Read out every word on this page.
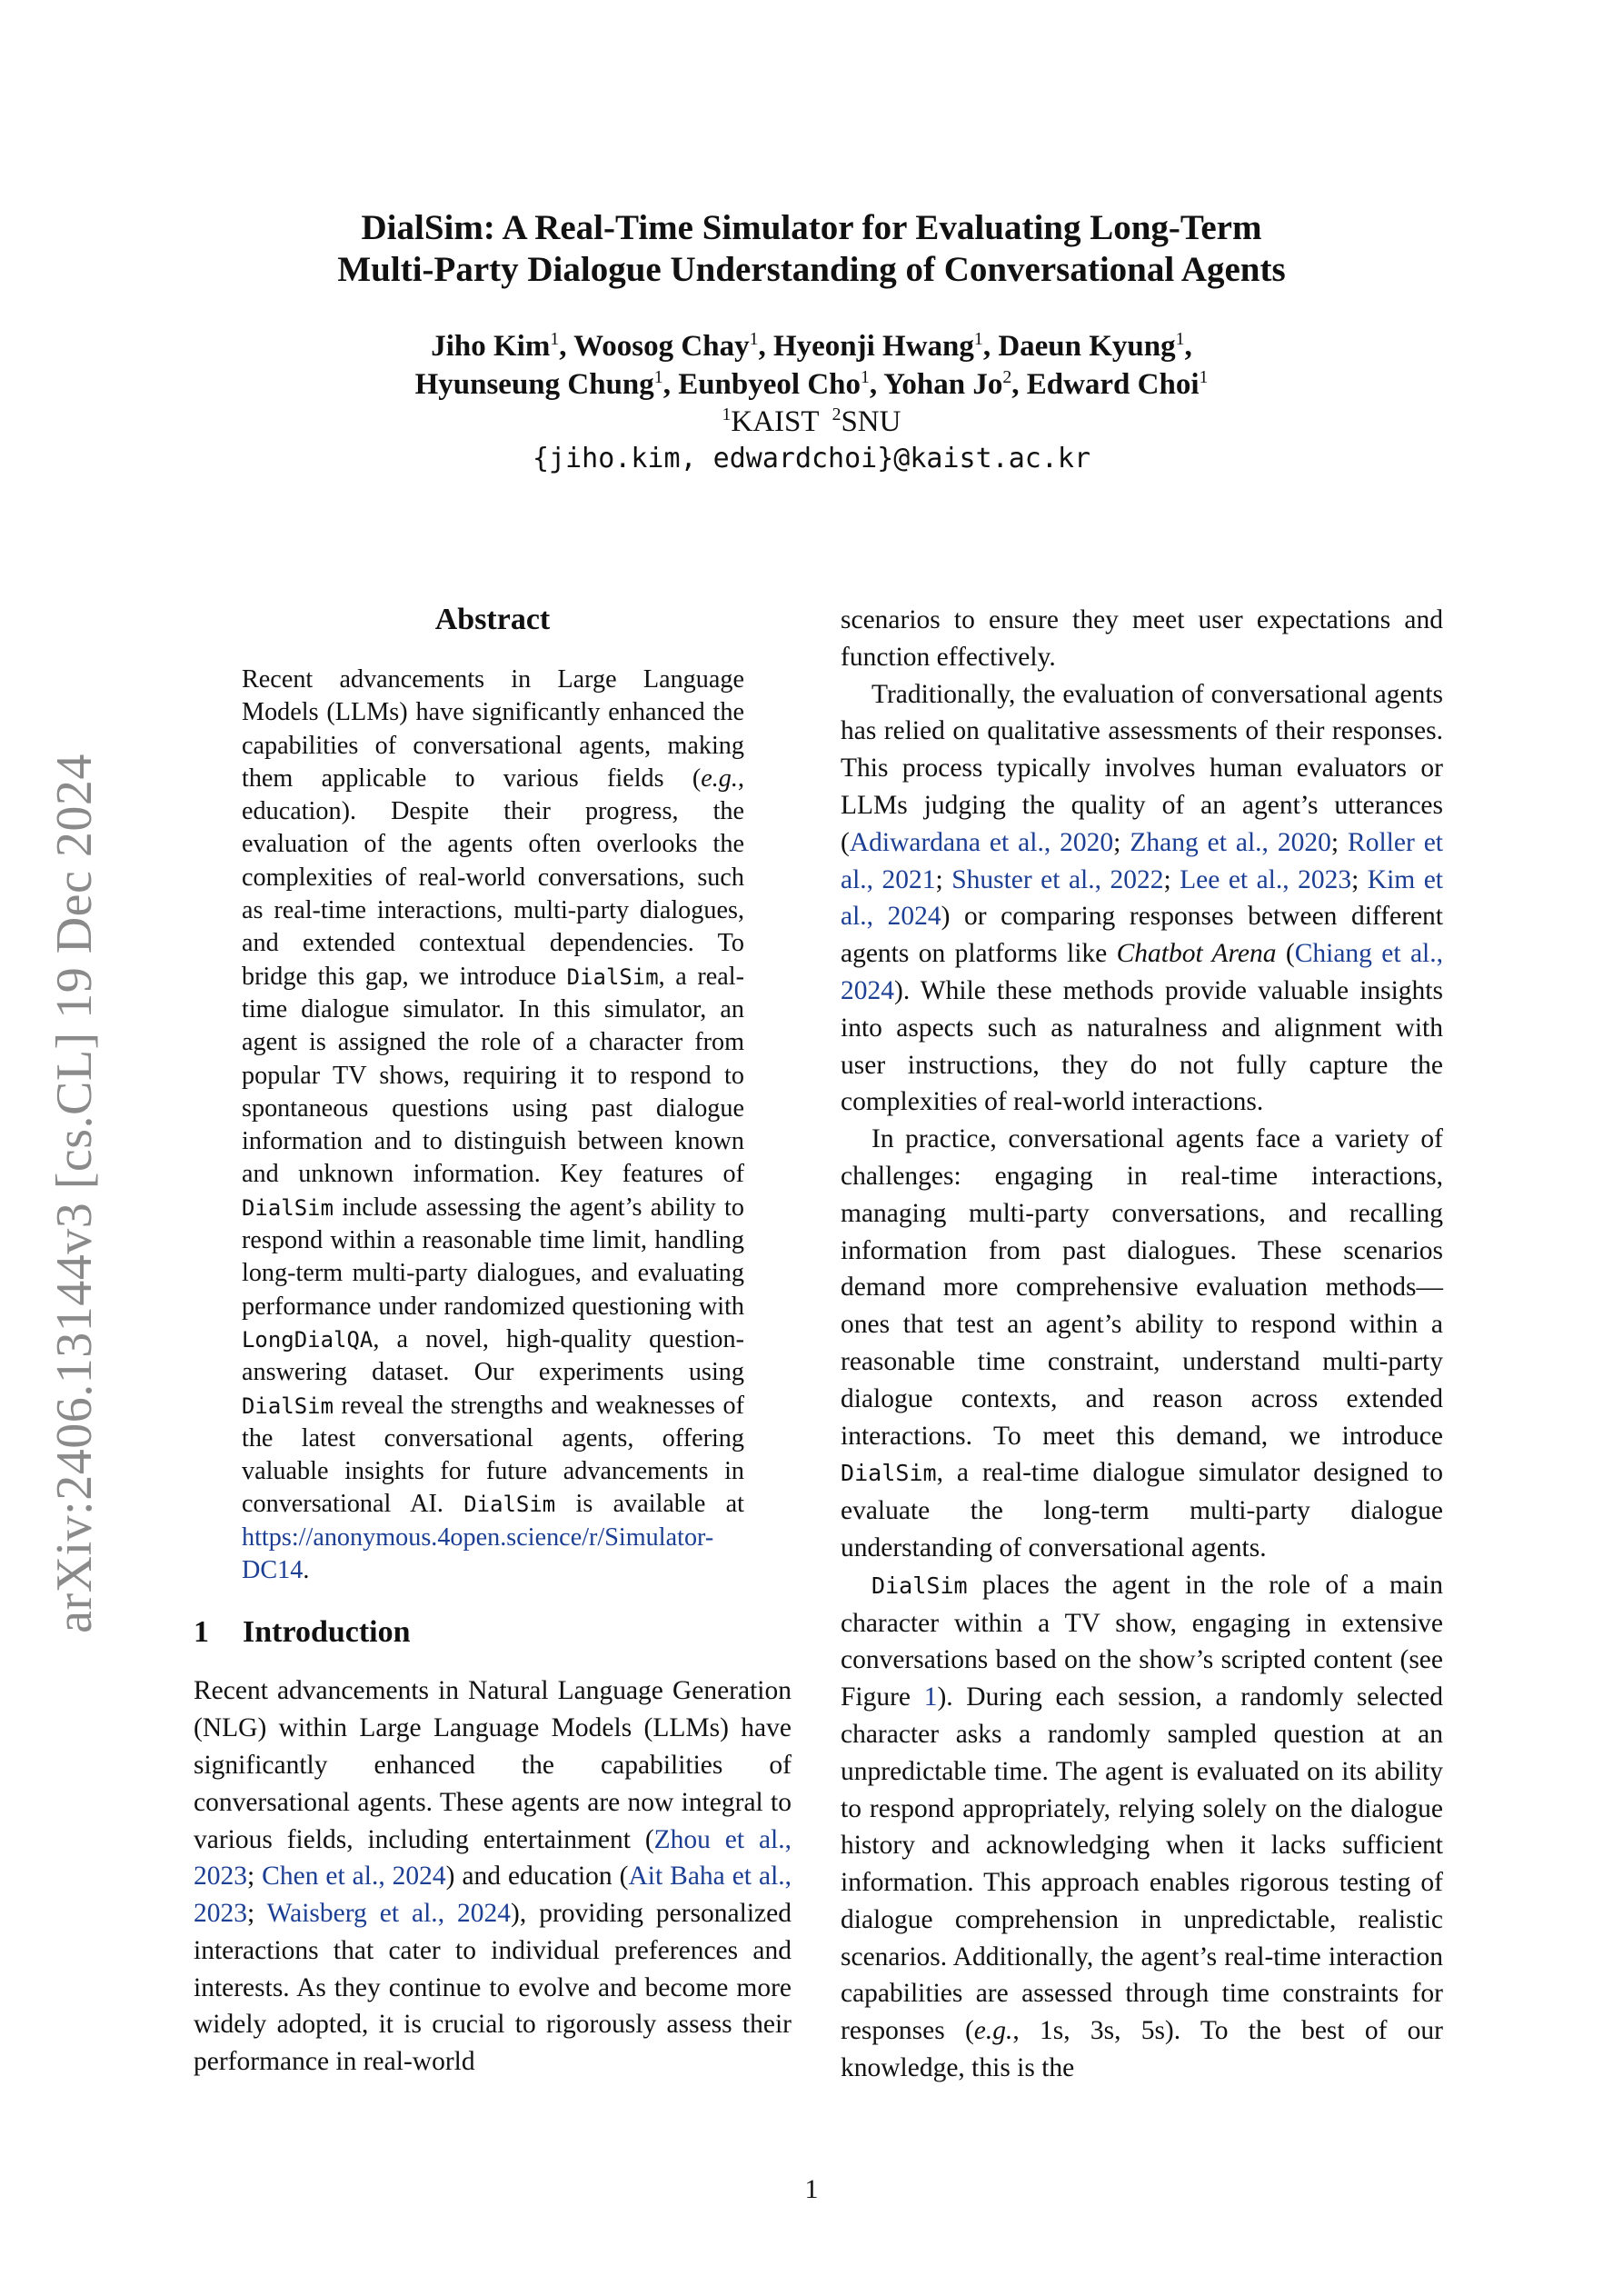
arXiv:2406.13144v3 [cs.CL] 19 Dec 2024
DialSim: A Real-Time Simulator for Evaluating Long-Term
Multi-Party Dialogue Understanding of Conversational Agents
Jiho Kim$^1$, Woosog Chay$^1$, Hyeonji Hwang$^1$, Daeun Kyung$^1$,
Hyunseung Chung$^1$, Eunbyeol Cho$^1$, Yohan Jo$^2$, Edward Choi$^1$
$^1$KAIST $^2$SNU
{jiho.kim, edwardchoi}@kaist.ac.kr
Abstract

Recent advancements in Large Language Models (LLMs) have significantly enhanced the capabilities of conversational agents, making them applicable to various fields (e.g., education). Despite their progress, the evaluation of the agents often overlooks the complexities of real-world conversations, such as real-time interactions, multi-party dialogues, and extended contextual dependencies. To bridge this gap, we introduce DialSim, a real-time dialogue simulator. In this simulator, an agent is assigned the role of a character from popular TV shows, requiring it to respond to spontaneous questions using past dialogue information and to distinguish between known and unknown information. Key features of DialSim include assessing the agent’s ability to respond within a reasonable time limit, handling long-term multi-party dialogues, and evaluating performance under randomized questioning with LongDialQA, a novel, high-quality question-answering dataset. Our experiments using DialSim reveal the strengths and weaknesses of the latest conversational agents, offering valuable insights for future advancements in conversational AI. DialSim is available at https://anonymous.4open.science/r/Simulator-DC14.

1 Introduction

Recent advancements in Natural Language Generation (NLG) within Large Language Models (LLMs) have significantly enhanced the capabilities of conversational agents. These agents are now integral to various fields, including entertainment (Zhou et al., 2023; Chen et al., 2024) and education (Ait Baha et al., 2023; Waisberg et al., 2024), providing personalized interactions that cater to individual preferences and interests. As they continue to evolve and become more widely adopted, it is crucial to rigorously assess their performance in real-world

scenarios to ensure they meet user expectations and function effectively.

Traditionally, the evaluation of conversational agents has relied on qualitative assessments of their responses. This process typically involves human evaluators or LLMs judging the quality of an agent’s utterances (Adiwardana et al., 2020; Zhang et al., 2020; Roller et al., 2021; Shuster et al., 2022; Lee et al., 2023; Kim et al., 2024) or comparing responses between different agents on platforms like Chatbot Arena (Chiang et al., 2024). While these methods provide valuable insights into aspects such as naturalness and alignment with user instructions, they do not fully capture the complexities of real-world interactions.

In practice, conversational agents face a variety of challenges: engaging in real-time interactions, managing multi-party conversations, and recalling information from past dialogues. These scenarios demand more comprehensive evaluation methods—ones that test an agent’s ability to respond within a reasonable time constraint, understand multi-party dialogue contexts, and reason across extended interactions. To meet this demand, we introduce DialSim, a real-time dialogue simulator designed to evaluate the long-term multi-party dialogue understanding of conversational agents.

DialSim places the agent in the role of a main character within a TV show, engaging in extensive conversations based on the show’s scripted content (see Figure 1). During each session, a randomly selected character asks a randomly sampled question at an unpredictable time. The agent is evaluated on its ability to respond appropriately, relying solely on the dialogue history and acknowledging when it lacks sufficient information. This approach enables rigorous testing of dialogue comprehension in unpredictable, realistic scenarios. Additionally, the agent’s real-time interaction capabilities are assessed through time constraints for responses (e.g., 1s, 3s, 5s). To the best of our knowledge, this is the

1
